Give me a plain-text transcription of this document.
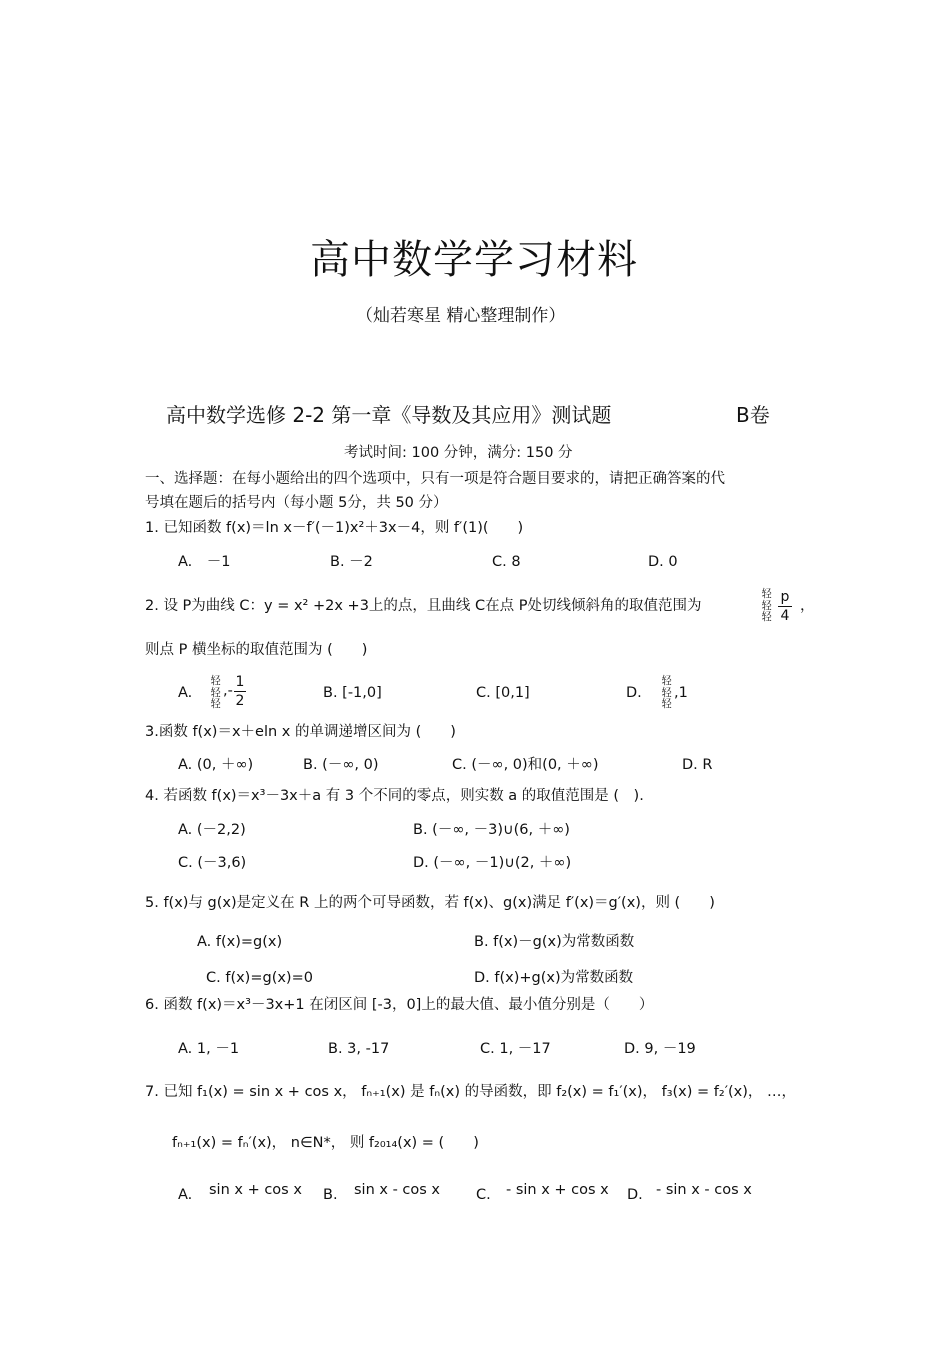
高中数学学习材料
（灿若寒星 精心整理制作）
高中数学选修 2-2 第一章《导数及其应用》测试题	B卷
考试时间: 100 分钟，满分: 150 分
一、选择题：在每小题给出的四个选项中，只有一项是符合题目要求的，请把正确答案的代
号填在题后的括号内（每小题 5分，共 50 分）
1. 已知函数 f(x)＝ln x－f′(－1)x²＋3x－4，则 f′(1)(　　)
A.　－1	B. －2	C. 8	D. 0
2. 设 P为曲线 C：y = x² +2x +3上的点，且曲线 C在点 P处切线倾斜角的取值范围为
轻轻轻
p
4
，
则点 P 横坐标的取值范围为 (　　)
A.
轻轻轻
,-
1
2	B. [-1,0]	C. [0,1]	D.
轻轻轻
,1
3.函数 f(x)＝x＋eln x 的单调递增区间为 (　　)
A. (0, ＋∞)	B. (－∞, 0)	C. (－∞, 0)和(0, ＋∞)	D. R
4. 若函数 f(x)＝x³－3x＋a 有 3 个不同的零点，则实数 a 的取值范围是 (　).
A. (－2,2)	B. (－∞, －3)∪(6, ＋∞)
C. (－3,6)	D. (－∞, －1)∪(2, ＋∞)
5. f(x)与 g(x)是定义在 R 上的两个可导函数，若 f(x)、g(x)满足 f′(x)＝g′(x)，则 (　　)
A. f(x)=g(x)	B. f(x)－g(x)为常数函数
C. f(x)=g(x)=0	D. f(x)+g(x)为常数函数
6. 函数 f(x)＝x³－3x+1 在闭区间 [-3，0]上的最大值、最小值分别是（　　）
A. 1, －1	B. 3, -17	C. 1, －17	D. 9, －19
7. 已知 f₁(x) = sin x + cos x， fₙ₊₁(x) 是 fₙ(x) 的导函数，即 f₂(x) = f₁′(x)， f₃(x) = f₂′(x)， …，
fₙ₊₁(x) = fₙ′(x)， n∈N*， 则 f₂₀₁₄(x) = (　　)
A. sin x + cos x B. sin x - cos x C. - sin x + cos x D. - sin x - cos x
